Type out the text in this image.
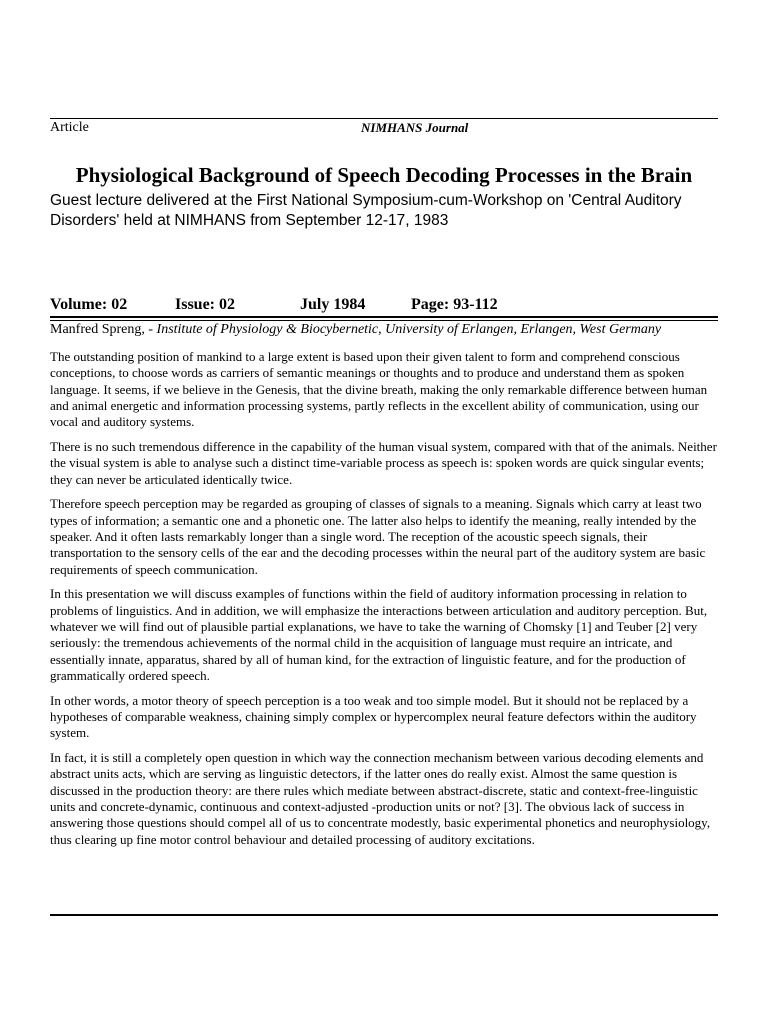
Article	NIMHANS Journal
Physiological Background of Speech Decoding Processes in the Brain
Guest lecture delivered at the First National Symposium-cum-Workshop on 'Central Auditory Disorders' held at NIMHANS from September 12-17, 1983
Volume: 02	Issue: 02	July 1984	Page: 93-112
Manfred Spreng, - Institute of Physiology & Biocybernetic, University of Erlangen, Erlangen, West Germany

The outstanding position of mankind to a large extent is based upon their given talent to form and comprehend conscious conceptions, to choose words as carriers of semantic meanings or thoughts and to produce and understand them as spoken language. It seems, if we believe in the Genesis, that the divine breath, making the only remarkable difference between human and animal energetic and information processing systems, partly reflects in the excellent ability of communication, using our vocal and auditory systems.

There is no such tremendous difference in the capability of the human visual system, compared with that of the animals. Neither the visual system is able to analyse such a distinct time-variable process as speech is: spoken words are quick singular events; they can never be articulated identically twice.

Therefore speech perception may be regarded as grouping of classes of signals to a meaning. Signals which carry at least two types of information; a semantic one and a phonetic one. The latter also helps to identify the meaning, really intended by the speaker. And it often lasts remarkably longer than a single word. The reception of the acoustic speech signals, their transportation to the sensory cells of the ear and the decoding processes within the neural part of the auditory system are basic requirements of speech communication.

In this presentation we will discuss examples of functions within the field of auditory information processing in relation to problems of linguistics. And in addition, we will emphasize the interactions between articulation and auditory perception. But, whatever we will find out of plausible partial explanations, we have to take the warning of Chomsky [1] and Teuber [2] very seriously: the tremendous achievements of the normal child in the acquisition of language must require an intricate, and essentially innate, apparatus, shared by all of human kind, for the extraction of linguistic feature, and for the production of grammatically ordered speech.

In other words, a motor theory of speech perception is a too weak and too simple model. But it should not be replaced by a hypotheses of comparable weakness, chaining simply complex or hypercomplex neural feature defectors within the auditory system.

In fact, it is still a completely open question in which way the connection mechanism between various decoding elements and abstract units acts, which are serving as linguistic detectors, if the latter ones do really exist. Almost the same question is discussed in the production theory: are there rules which mediate between abstract-discrete, static and context-free-linguistic units and concrete-dynamic, continuous and context-adjusted -production units or not? [3]. The obvious lack of success in answering those questions should compel all of us to concentrate modestly, basic experimental phonetics and neurophysiology, thus clearing up fine motor control behaviour and detailed processing of auditory excitations.
